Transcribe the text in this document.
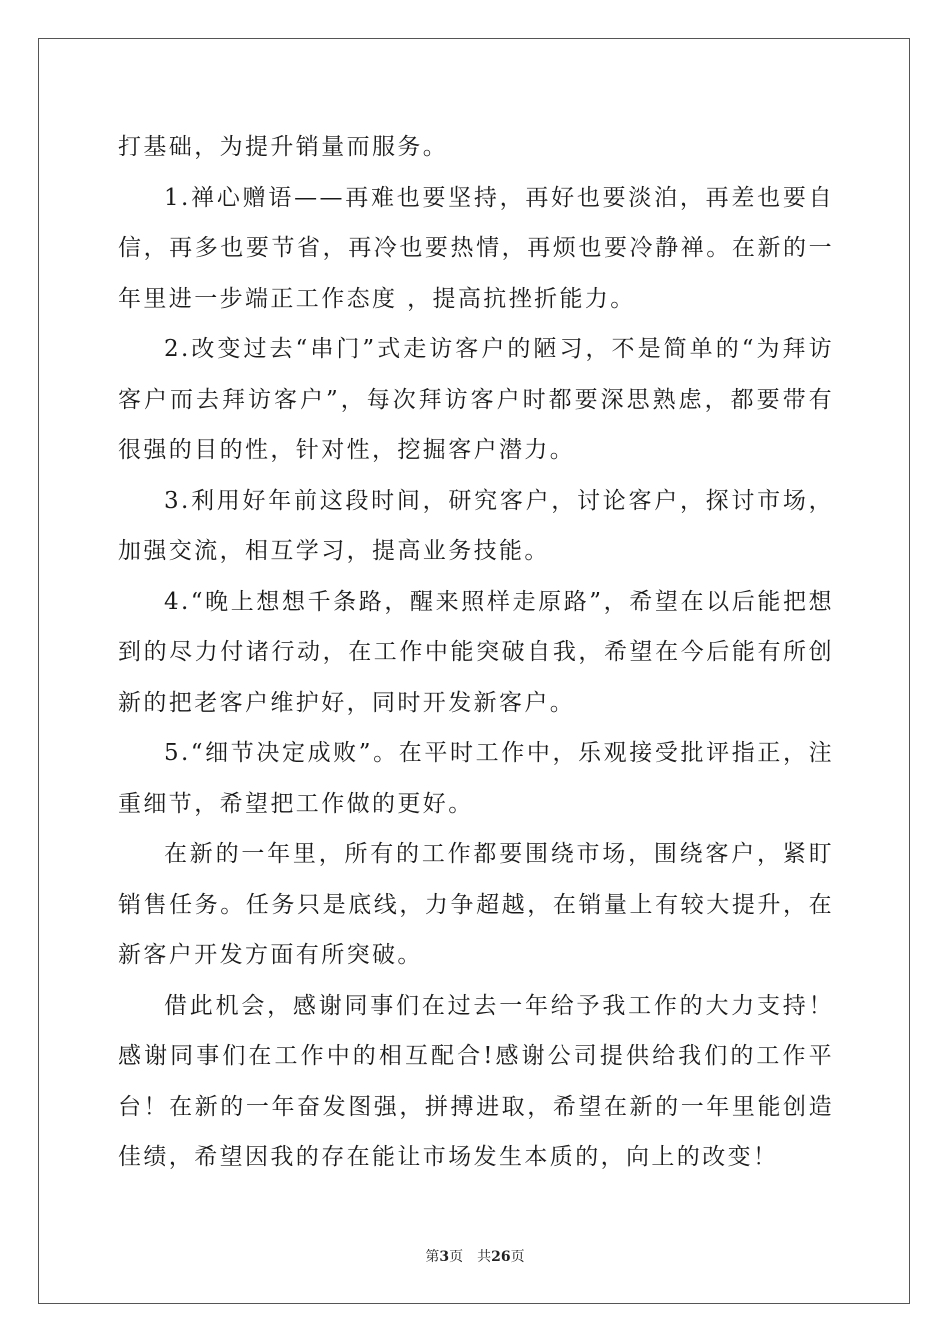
打基础，为提升销量而服务。

1.禅心赠语——再难也要坚持，再好也要淡泊，再差也要自信，再多也要节省，再冷也要热情，再烦也要冷静禅。在新的一年里进一步端正工作态度 ，提高抗挫折能力。

2.改变过去“串门”式走访客户的陋习，不是简单的“为拜访客户而去拜访客户”，每次拜访客户时都要深思熟虑，都要带有很强的目的性，针对性，挖掘客户潜力。

3.利用好年前这段时间，研究客户，讨论客户，探讨市场，加强交流，相互学习，提高业务技能。

4.“晚上想想千条路，醒来照样走原路”，希望在以后能把想到的尽力付诸行动，在工作中能突破自我，希望在今后能有所创新的把老客户维护好，同时开发新客户。

5.“细节决定成败”。在平时工作中，乐观接受批评指正，注重细节，希望把工作做的更好。

在新的一年里，所有的工作都要围绕市场，围绕客户，紧盯销售任务。任务只是底线，力争超越，在销量上有较大提升，在新客户开发方面有所突破。

借此机会，感谢同事们在过去一年给予我工作的大力支持！感谢同事们在工作中的相互配合!感谢公司提供给我们的工作平台！在新的一年奋发图强，拼搏进取，希望在新的一年里能创造佳绩，希望因我的存在能让市场发生本质的，向上的改变！

第3页 共26页
